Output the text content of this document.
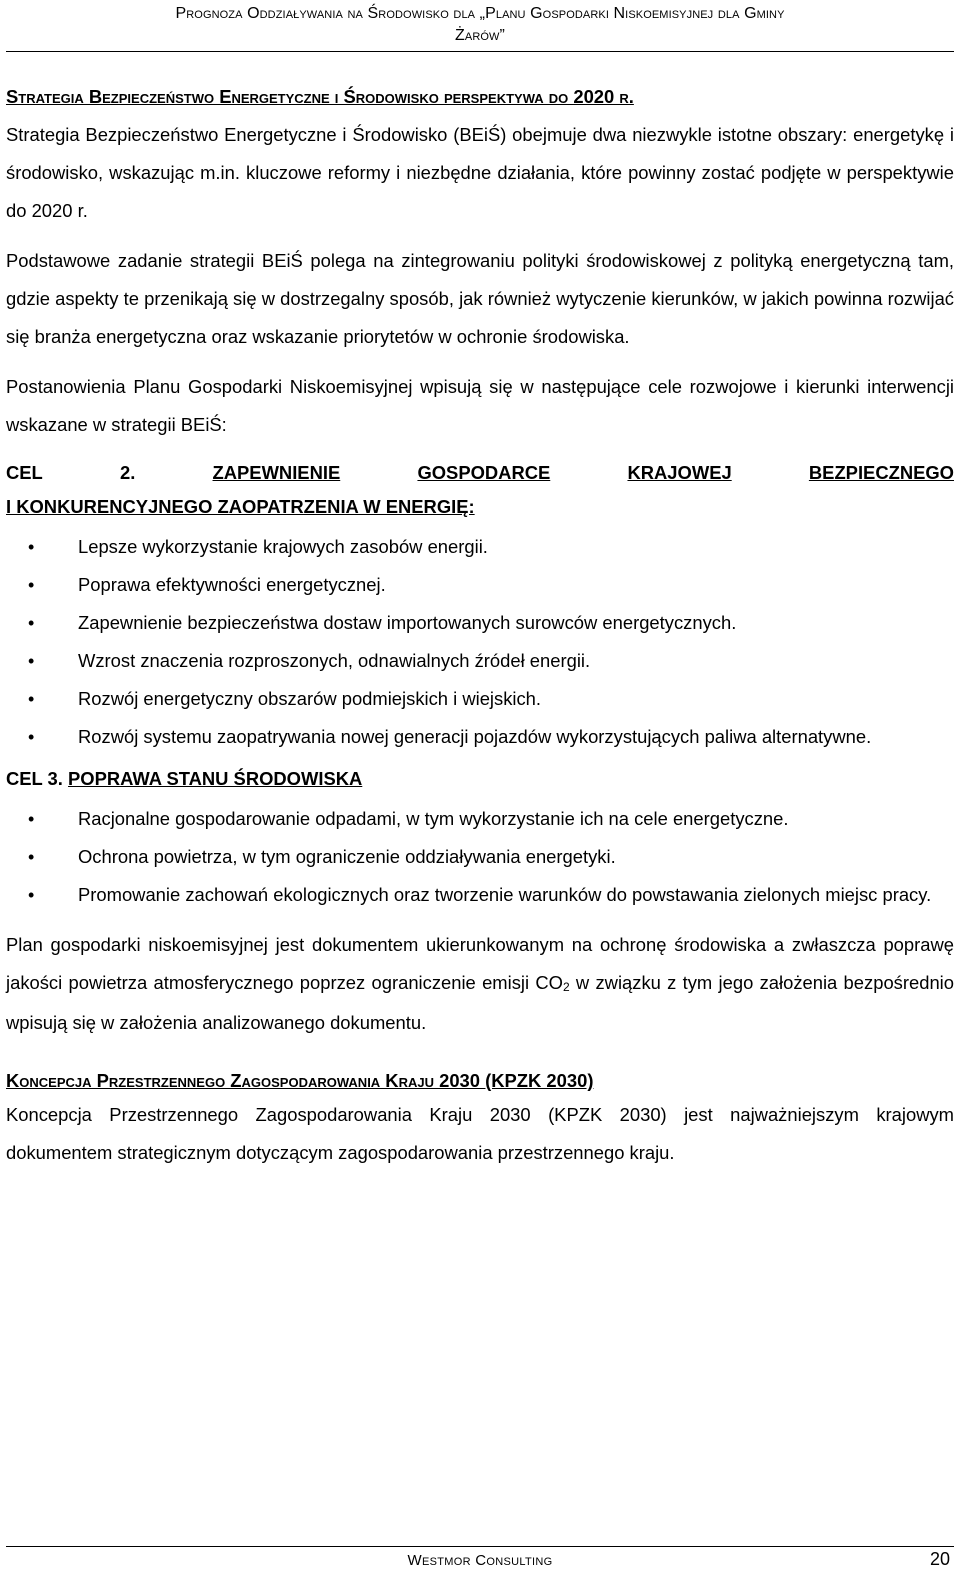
Prognoza Oddziaływania na Środowisko dla „Planu Gospodarki Niskoemisyjnej dla Gminy
Żarów”
Strategia Bezpieczeństwo Energetyczne i Środowisko perspektywa do 2020 r.

Strategia Bezpieczeństwo Energetyczne i Środowisko (BEiŚ) obejmuje dwa niezwykle istotne obszary: energetykę i środowisko, wskazując m.in. kluczowe reformy i niezbędne działania, które powinny zostać podjęte w perspektywie do 2020 r.

Podstawowe zadanie strategii BEiŚ polega na zintegrowaniu polityki środowiskowej z polityką energetyczną tam, gdzie aspekty te przenikają się w dostrzegalny sposób, jak również wytyczenie kierunków, w jakich powinna rozwijać się branża energetyczna oraz wskazanie priorytetów w ochronie środowiska.

Postanowienia Planu Gospodarki Niskoemisyjnej wpisują się w następujące cele rozwojowe i kierunki interwencji wskazane w strategii BEiŚ:

CEL	2.	ZAPEWNIENIE	GOSPODARCE	KRAJOWEJ	BEZPIECZNEGO
I KONKURENCYJNEGO ZAOPATRZENIA W ENERGIĘ:
•	Lepsze wykorzystanie krajowych zasobów energii.
•	Poprawa efektywności energetycznej.
•	Zapewnienie bezpieczeństwa dostaw importowanych surowców energetycznych.
•	Wzrost znaczenia rozproszonych, odnawialnych źródeł energii.
•	Rozwój energetyczny obszarów podmiejskich i wiejskich.
•	Rozwój systemu zaopatrywania nowej generacji pojazdów wykorzystujących paliwa alternatywne.
CEL 3. POPRAWA STANU ŚRODOWISKA
•	Racjonalne gospodarowanie odpadami, w tym wykorzystanie ich na cele energetyczne.
•	Ochrona powietrza, w tym ograniczenie oddziaływania energetyki.
•	Promowanie zachowań ekologicznych oraz tworzenie warunków do powstawania zielonych miejsc pracy.

Plan gospodarki niskoemisyjnej jest dokumentem ukierunkowanym na ochronę środowiska a zwłaszcza poprawę jakości powietrza atmosferycznego poprzez ograniczenie emisji CO2 w związku z tym jego założenia bezpośrednio wpisują się w założenia analizowanego dokumentu.

Koncepcja Przestrzennego Zagospodarowania Kraju 2030 (KPZK 2030)

Koncepcja Przestrzennego Zagospodarowania Kraju 2030 (KPZK 2030) jest najważniejszym krajowym dokumentem strategicznym dotyczącym zagospodarowania przestrzennego kraju.

Westmor Consulting	20
